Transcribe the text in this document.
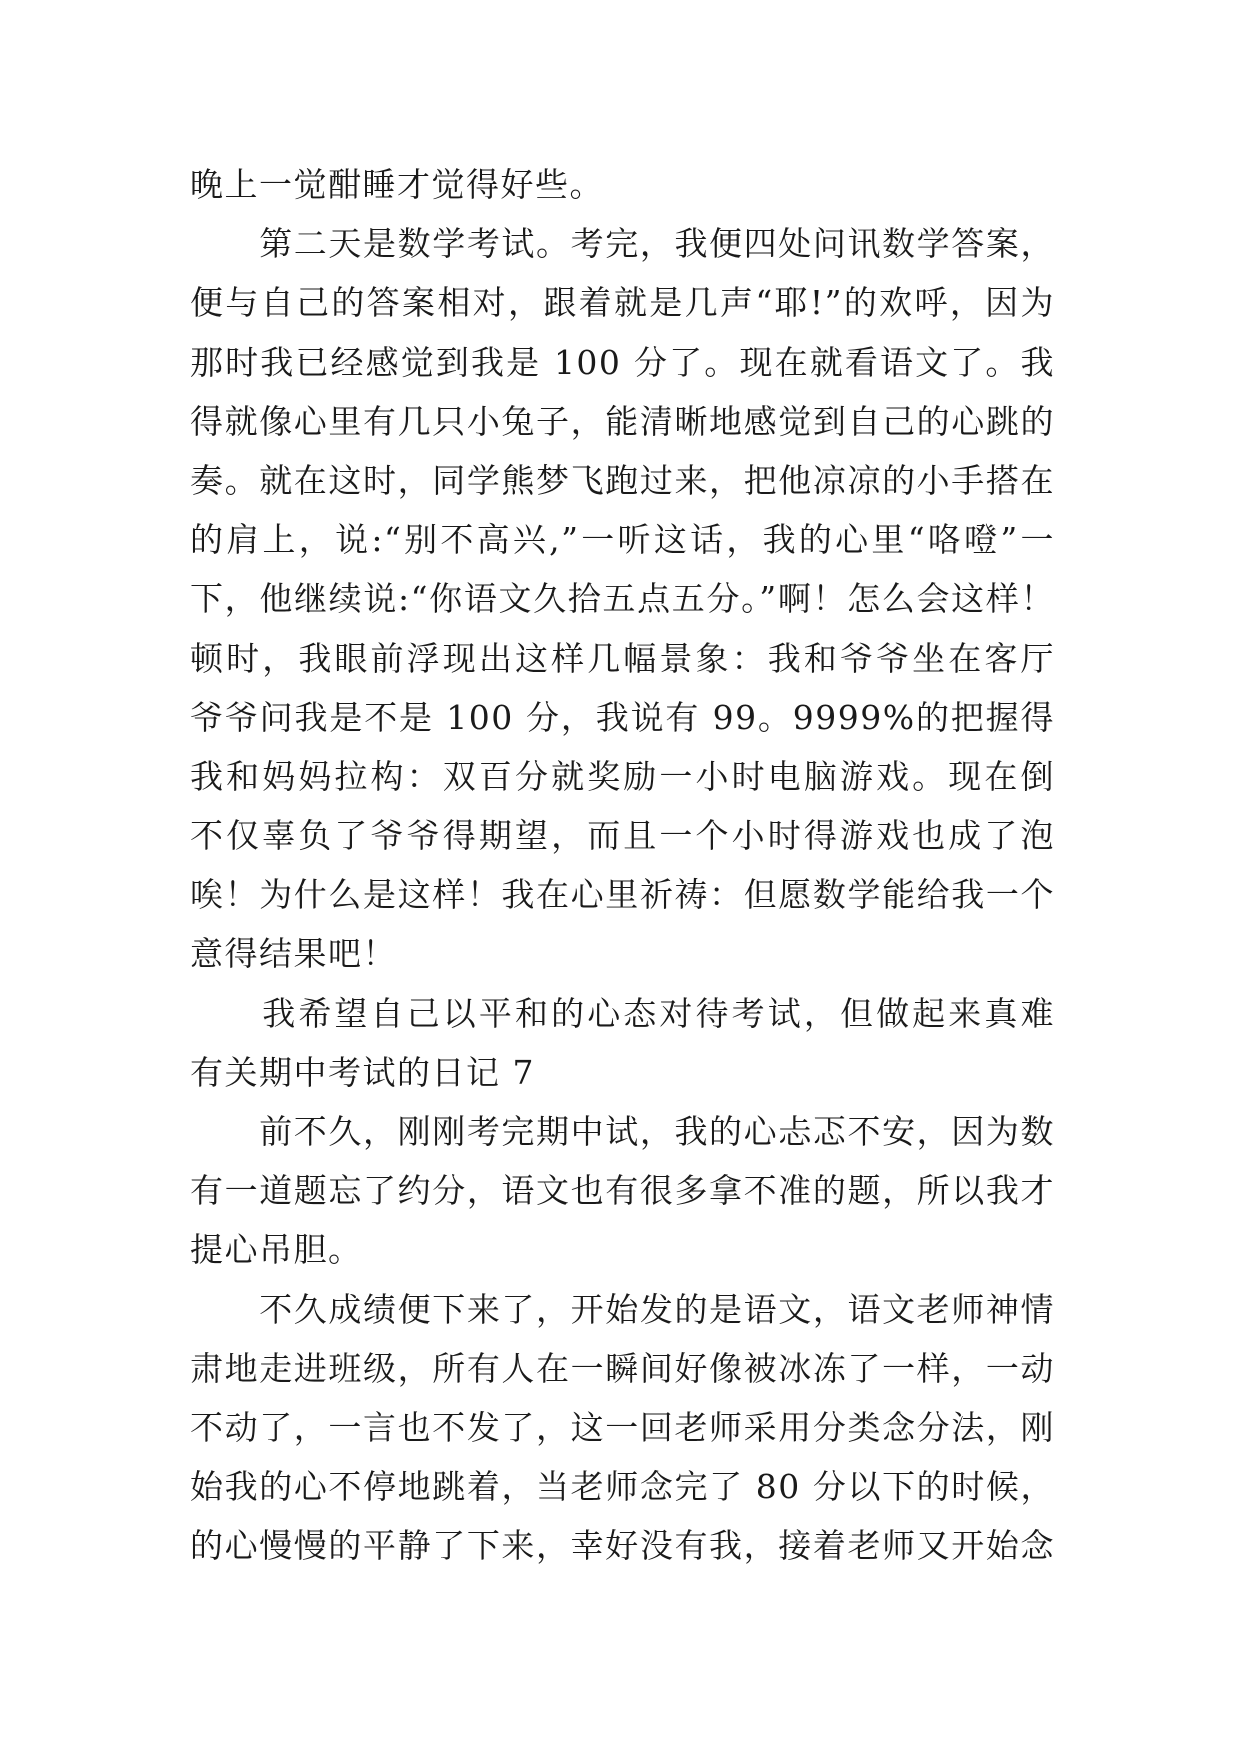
晚上一觉酣睡才觉得好些。
　　第二天是数学考试。考完，我便四处问讯数学答案，
便与自己的答案相对，跟着就是几声“耶!”的欢呼，因为
那时我已经感觉到我是 100 分了。现在就看语文了。我
得就像心里有几只小兔子，能清晰地感觉到自己的心跳的
奏。就在这时，同学熊梦飞跑过来，把他凉凉的小手搭在
的肩上，说:“别不高兴,”一听这话，我的心里“咯噔”一
下，他继续说:“你语文久拾五点五分。”啊！怎么会这样！
顿时，我眼前浮现出这样几幅景象：我和爷爷坐在客厅
爷爷问我是不是 100 分，我说有 99。9999%的把握得
我和妈妈拉构：双百分就奖励一小时电脑游戏。现在倒
不仅辜负了爷爷得期望，而且一个小时得游戏也成了泡
唉！为什么是这样！我在心里祈祷：但愿数学能给我一个
意得结果吧！
　　我希望自己以平和的心态对待考试，但做起来真难
有关期中考试的日记 7
　　前不久，刚刚考完期中试，我的心忐忑不安，因为数
有一道题忘了约分，语文也有很多拿不准的题，所以我才
提心吊胆。
　　不久成绩便下来了，开始发的是语文，语文老师神情
肃地走进班级，所有人在一瞬间好像被冰冻了一样，一动
不动了，一言也不发了，这一回老师采用分类念分法，刚
始我的心不停地跳着，当老师念完了 80 分以下的时候，
的心慢慢的平静了下来，幸好没有我，接着老师又开始念
